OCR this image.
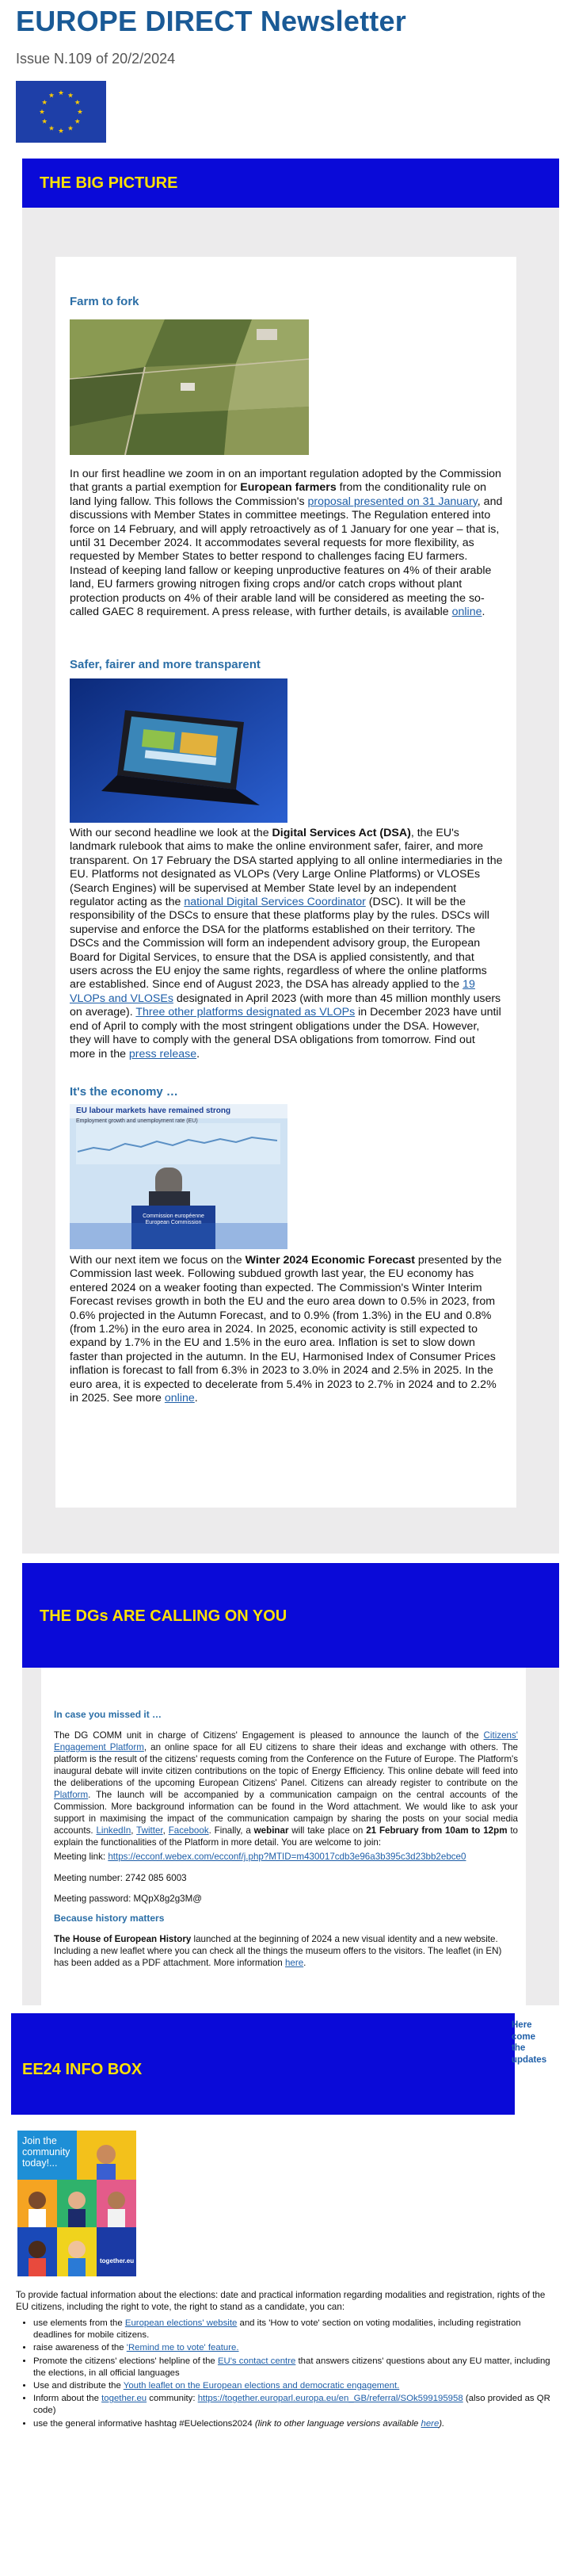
EUROPE DIRECT Newsletter
Issue N.109 of 20/2/2024
THE BIG PICTURE
Farm to fork

In our first headline we zoom in on an important regulation adopted by the Commission that grants a partial exemption for European farmers from the conditionality rule on land lying fallow. This follows the Commission's proposal presented on 31 January, and discussions with Member States in committee meetings. The Regulation entered into force on 14 February, and will apply retroactively as of 1 January for one year – that is, until 31 December 2024. It accommodates several requests for more flexibility, as requested by Member States to better respond to challenges facing EU farmers. Instead of keeping land fallow or keeping unproductive features on 4% of their arable land, EU farmers growing nitrogen fixing crops and/or catch crops without plant protection products on 4% of their arable land will be considered as meeting the so-called GAEC 8 requirement. A press release, with further details, is available online.

Safer, fairer and more transparent

With our second headline we look at the Digital Services Act (DSA), the EU's landmark rulebook that aims to make the online environment safer, fairer, and more transparent. On 17 February the DSA started applying to all online intermediaries in the EU. Platforms not designated as VLOPs (Very Large Online Platforms) or VLOSEs (Search Engines) will be supervised at Member State level by an independent regulator acting as the national Digital Services Coordinator (DSC). It will be the responsibility of the DSCs to ensure that these platforms play by the rules. DSCs will supervise and enforce the DSA for the platforms established on their territory. The DSCs and the Commission will form an independent advisory group, the European Board for Digital Services, to ensure that the DSA is applied consistently, and that users across the EU enjoy the same rights, regardless of where the online platforms are established. Since end of August 2023, the DSA has already applied to the 19 VLOPs and VLOSEs designated in April 2023 (with more than 45 million monthly users on average). Three other platforms designated as VLOPs in December 2023 have until end of April to comply with the most stringent obligations under the DSA. However, they will have to comply with the general DSA obligations from tomorrow. Find out more in the press release.

It's the economy …
EU labour markets have remained strong
Employment growth and unemployment rate (EU)
Commission européenne European Commission

With our next item we focus on the Winter 2024 Economic Forecast presented by the Commission last week. Following subdued growth last year, the EU economy has entered 2024 on a weaker footing than expected. The Commission's Winter Interim Forecast revises growth in both the EU and the euro area down to 0.5% in 2023, from 0.6% projected in the Autumn Forecast, and to 0.9% (from 1.3%) in the EU and 0.8% (from 1.2%) in the euro area in 2024. In 2025, economic activity is still expected to expand by 1.7% in the EU and 1.5% in the euro area. Inflation is set to slow down faster than projected in the autumn. In the EU, Harmonised Index of Consumer Prices inflation is forecast to fall from 6.3% in 2023 to 3.0% in 2024 and 2.5% in 2025. In the euro area, it is expected to decelerate from 5.4% in 2023 to 2.7% in 2024 and to 2.2% in 2025. See more online.

THE DGs ARE CALLING ON YOU
In case you missed it …

The DG COMM unit in charge of Citizens' Engagement is pleased to announce the launch of the Citizens' Engagement Platform, an online space for all EU citizens to share their ideas and exchange with others. The platform is the result of the citizens' requests coming from the Conference on the Future of Europe. The Platform's inaugural debate will invite citizen contributions on the topic of Energy Efficiency. This online debate will feed into the deliberations of the upcoming European Citizens' Panel. Citizens can already register to contribute on the Platform. The launch will be accompanied by a communication campaign on the central accounts of the Commission. More background information can be found in the Word attachment. We would like to ask your support in maximising the impact of the communication campaign by sharing the posts on your social media accounts. LinkedIn, Twitter, Facebook. Finally, a webinar will take place on 21 February from 10am to 12pm to explain the functionalities of the Platform in more detail. You are welcome to join:

Meeting link: https://ecconf.webex.com/ecconf/j.php?MTID=m430017cdb3e96a3b395c3d23bb2ebce0

Meeting number: 2742 085 6003

Meeting password: MQpX8g2g3M@

Because history matters

The House of European History launched at the beginning of 2024 a new visual identity and a new website. Including a new leaflet where you can check all the things the museum offers to the visitors. The leaflet (in EN) has been added as a PDF attachment. More information here.

EE24 INFO BOX
Here come the updates
Join the community today!...
together.eu

To provide factual information about the elections: date and practical information regarding modalities and registration, rights of the EU citizens, including the right to vote, the right to stand as a candidate, you can:

• use elements from the European elections' website and its 'How to vote' section on voting modalities, including registration deadlines for mobile citizens.
• raise awareness of the 'Remind me to vote' feature.
• Promote the citizens' elections' helpline of the EU's contact centre that answers citizens' questions about any EU matter, including the elections, in all official languages
• Use and distribute the Youth leaflet on the European elections and democratic engagement.
• Inform about the together.eu community: https://together.europarl.europa.eu/en_GB/referral/SOk599195958 (also provided as QR code)
• use the general informative hashtag #EUelections2024 (link to other language versions available here).
